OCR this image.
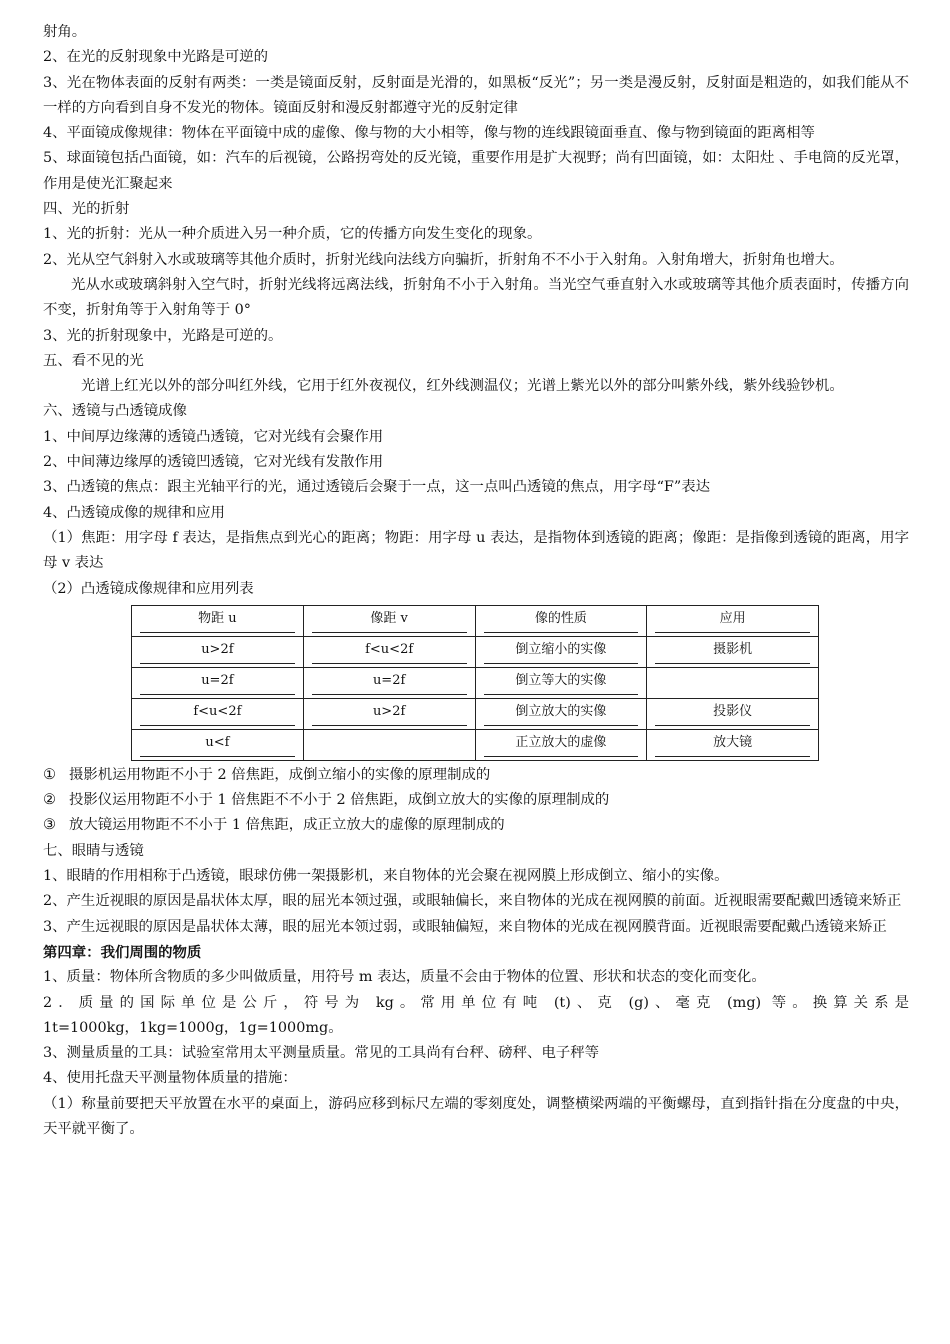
射角。

2、在光的反射现象中光路是可逆的

3、光在物体表面的反射有两类：一类是镜面反射，反射面是光滑的，如黑板“反光”；另一类是漫反射，反射面是粗造的，如我们能从不一样的方向看到自身不发光的物体。镜面反射和漫反射都遵守光的反射定律

4、平面镜成像规律：物体在平面镜中成的虚像、像与物的大小相等，像与物的连线跟镜面垂直、像与物到镜面的距离相等

5、球面镜包括凸面镜，如：汽车的后视镜，公路拐弯处的反光镜，重要作用是扩大视野；尚有凹面镜，如：太阳灶 、手电筒的反光罩，作用是使光汇聚起来

四、光的折射

1、光的折射：光从一种介质进入另一种介质，它的传播方向发生变化的现象。

2、光从空气斜射入水或玻璃等其他介质时，折射光线向法线方向骗折，折射角不不小于入射角。入射角增大，折射角也增大。

光从水或玻璃斜射入空气时，折射光线将远离法线，折射角不小于入射角。当光空气垂直射入水或玻璃等其他介质表面时，传播方向不变，折射角等于入射角等于 0°

3、光的折射现象中，光路是可逆的。

五、看不见的光

光谱上红光以外的部分叫红外线，它用于红外夜视仪，红外线测温仪；光谱上紫光以外的部分叫紫外线，紫外线验钞机。

六、透镜与凸透镜成像

1、中间厚边缘薄的透镜凸透镜，它对光线有会聚作用

2、中间薄边缘厚的透镜凹透镜，它对光线有发散作用

3、凸透镜的焦点：跟主光轴平行的光，通过透镜后会聚于一点，这一点叫凸透镜的焦点，用字母“F”表达

4、凸透镜成像的规律和应用

（1）焦距：用字母 f 表达，是指焦点到光心的距离；物距：用字母 u 表达，是指物体到透镜的距离；像距：是指像到透镜的距离，用字母 v 表达

（2）凸透镜成像规律和应用列表

物距 u	像距 v	像的性质	应用

u>2f	f<u<2f	倒立缩小的实像	摄影机

u=2f	u=2f	倒立等大的实像	

f<u<2f	u>2f	倒立放大的实像	投影仪

u<f		正立放大的虚像	放大镜

① 摄影机运用物距不小于 2 倍焦距，成倒立缩小的实像的原理制成的

② 投影仪运用物距不小于 1 倍焦距不不小于 2 倍焦距，成倒立放大的实像的原理制成的

③ 放大镜运用物距不不小于 1 倍焦距，成正立放大的虚像的原理制成的

七、眼睛与透镜

1、眼睛的作用相称于凸透镜，眼球仿佛一架摄影机，来自物体的光会聚在视网膜上形成倒立、缩小的实像。

2、产生近视眼的原因是晶状体太厚，眼的屈光本领过强，或眼轴偏长，来自物体的光成在视网膜的前面。近视眼需要配戴凹透镜来矫正

3、产生远视眼的原因是晶状体太薄，眼的屈光本领过弱，或眼轴偏短，来自物体的光成在视网膜背面。近视眼需要配戴凸透镜来矫正

第四章：我们周围的物质

1、质量：物体所含物质的多少叫做质量，用符号 m 表达，质量不会由于物体的位置、形状和状态的变化而变化。

2．质量的国际单位是公斤，符号为 kg。常用单位有吨 (t)、克 (g)、毫克 (mg) 等。换算关系是

1t=1000kg，1kg=1000g，1g=1000mg。

3、测量质量的工具：试验室常用太平测量质量。常见的工具尚有台秤、磅秤、电子秤等

4、使用托盘天平测量物体质量的措施：

（1）称量前要把天平放置在水平的桌面上，游码应移到标尺左端的零刻度处，调整横梁两端的平衡螺母，直到指针指在分度盘的中央，天平就平衡了。
